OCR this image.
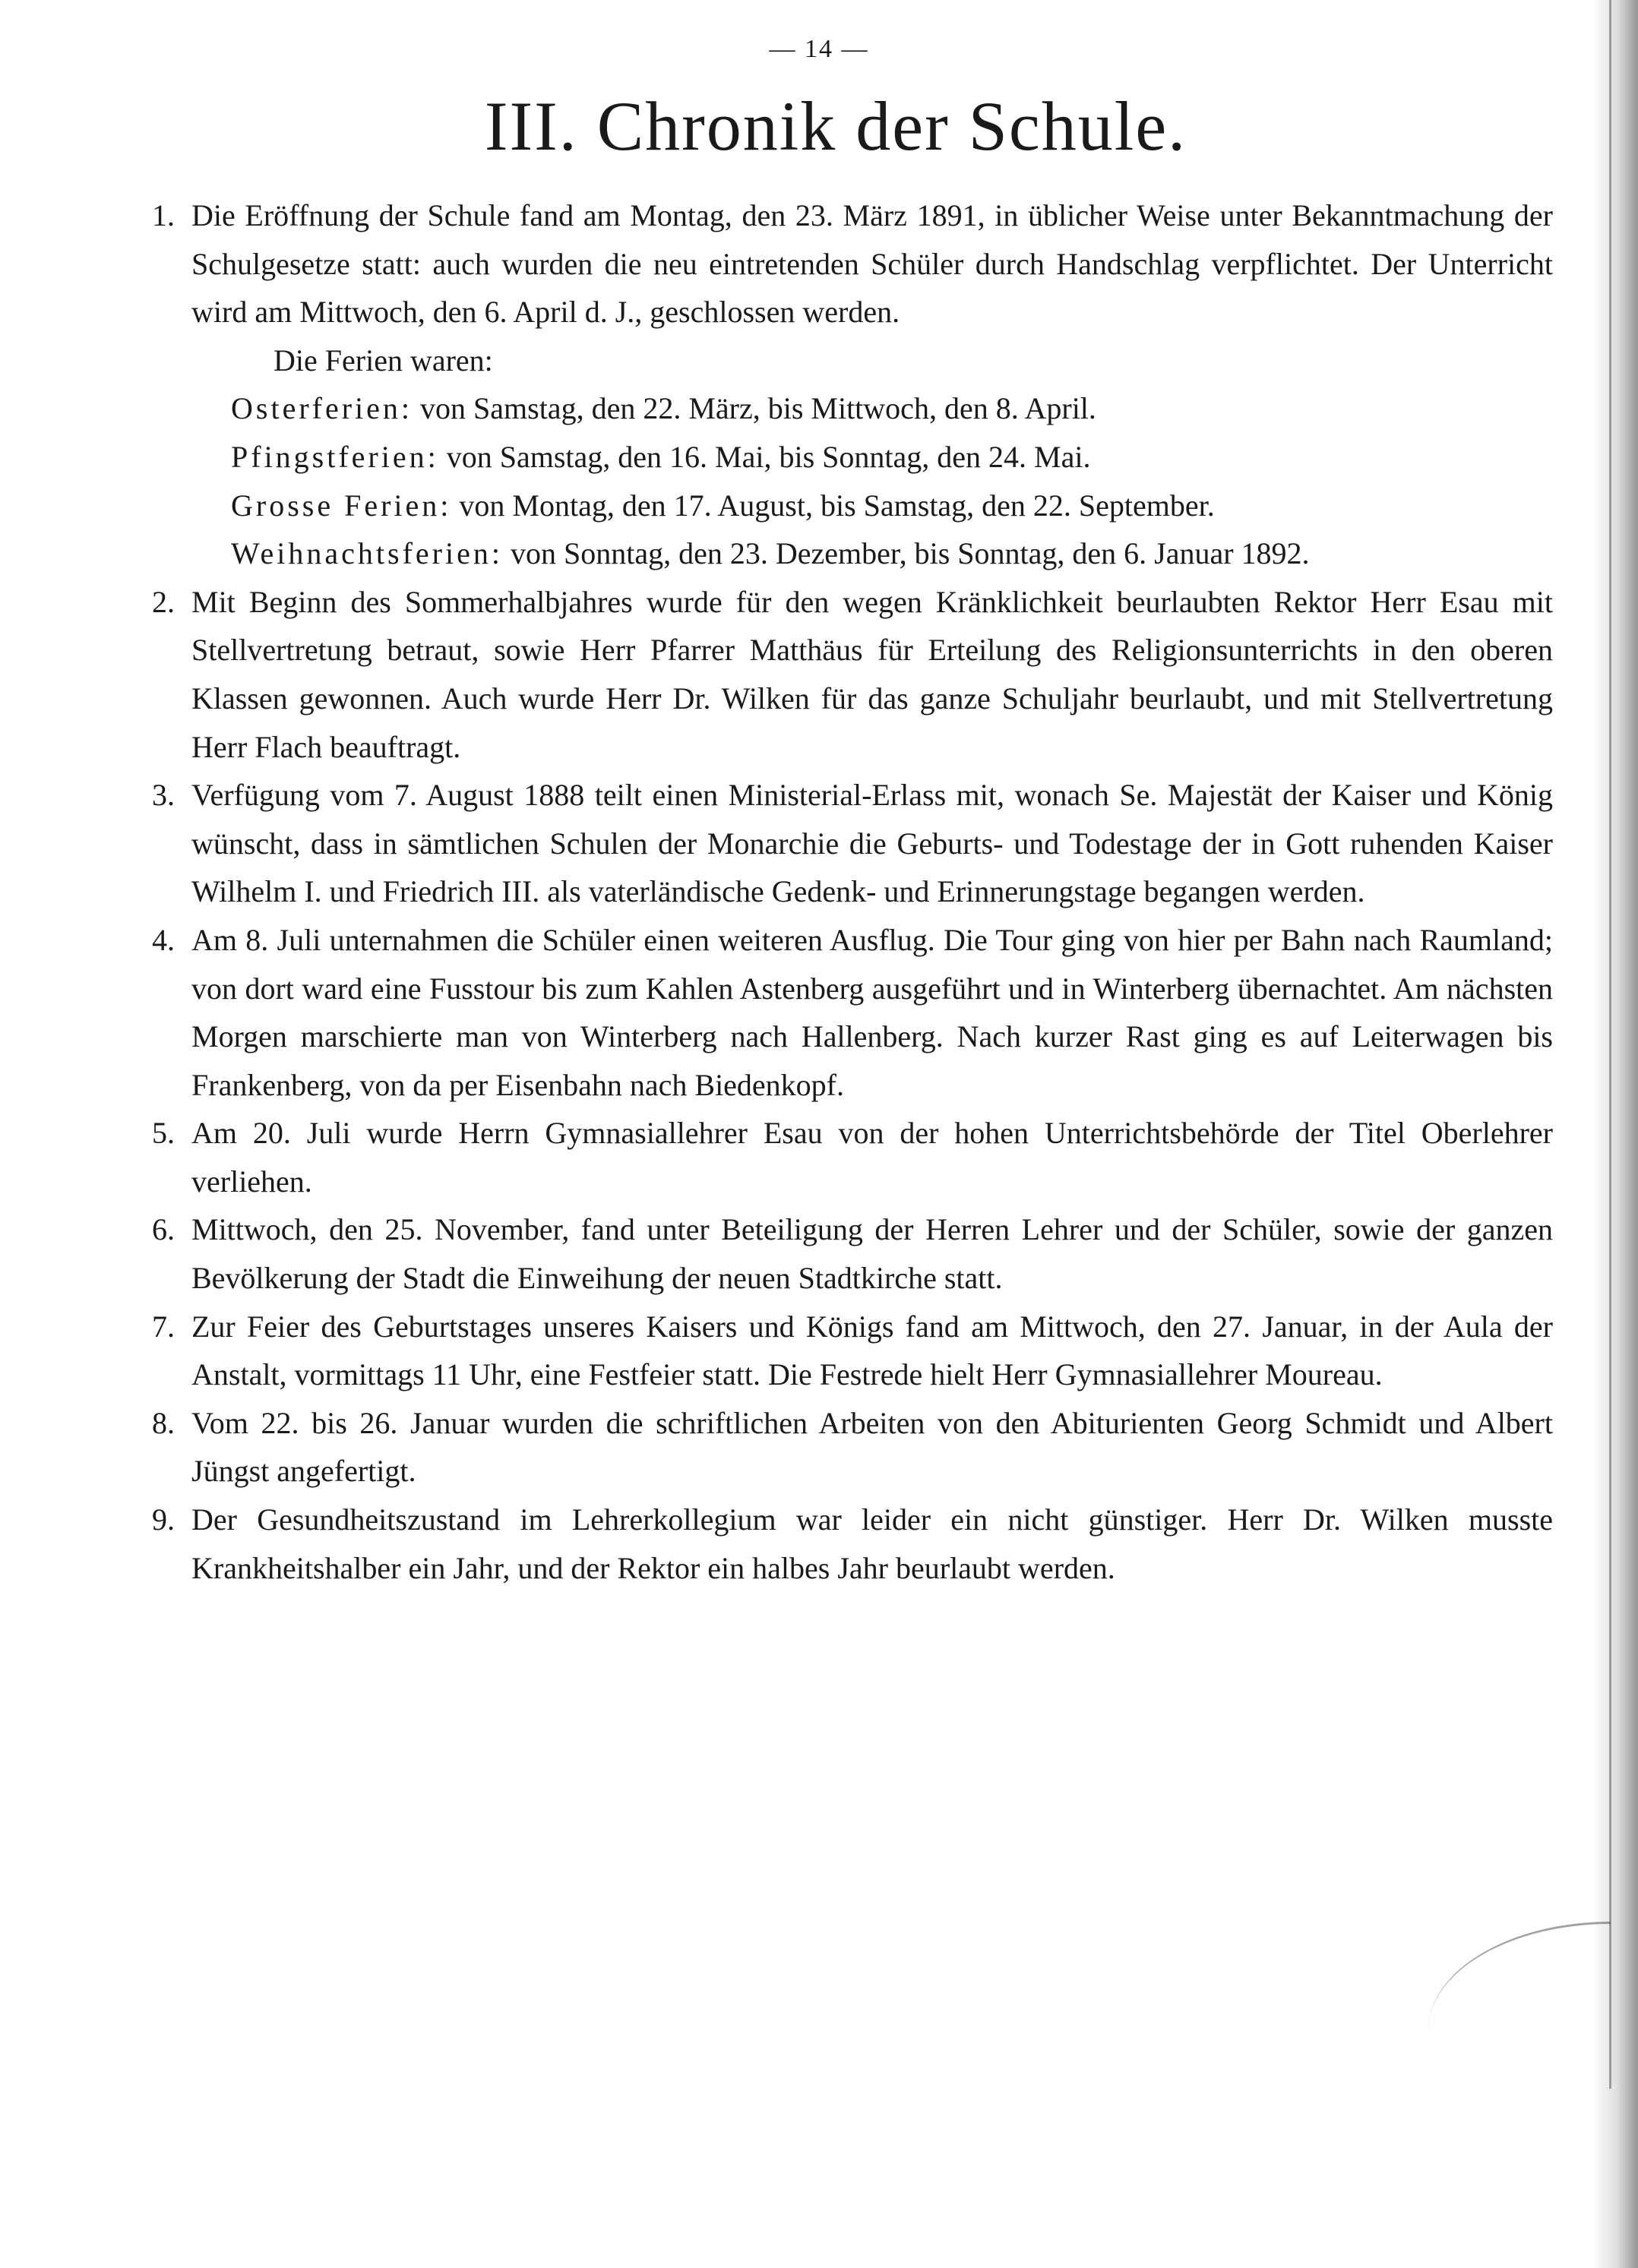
— 14 —
III. Chronik der Schule.
1. Die Eröffnung der Schule fand am Montag, den 23. März 1891, in üblicher Weise unter Bekanntmachung der Schulgesetze statt: auch wurden die neu eintretenden Schüler durch Handschlag verpflichtet. Der Unterricht wird am Mittwoch, den 6. April d. J., geschlossen werden.
Die Ferien waren:
Osterferien: von Samstag, den 22. März, bis Mittwoch, den 8. April.
Pfingstferien: von Samstag, den 16. Mai, bis Sonntag, den 24. Mai.
Grosse Ferien: von Montag, den 17. August, bis Samstag, den 22. September.
Weihnachtsferien: von Sonntag, den 23. Dezember, bis Sonntag, den 6. Januar 1892.
2. Mit Beginn des Sommerhalbjahres wurde für den wegen Kränklichkeit beurlaubten Rektor Herr Esau mit Stellvertretung betraut, sowie Herr Pfarrer Matthäus für Erteilung des Religionsunterrichts in den oberen Klassen gewonnen. Auch wurde Herr Dr. Wilken für das ganze Schuljahr beurlaubt, und mit Stellvertretung Herr Flach beauftragt.
3. Verfügung vom 7. August 1888 teilt einen Ministerial-Erlass mit, wonach Se. Majestät der Kaiser und König wünscht, dass in sämtlichen Schulen der Monarchie die Geburts- und Todestage der in Gott ruhenden Kaiser Wilhelm I. und Friedrich III. als vaterländische Gedenk- und Erinnerungstage begangen werden.
4. Am 8. Juli unternahmen die Schüler einen weiteren Ausflug. Die Tour ging von hier per Bahn nach Raumland; von dort ward eine Fusstour bis zum Kahlen Astenberg ausgeführt und in Winterberg übernachtet. Am nächsten Morgen marschierte man von Winterberg nach Hallenberg. Nach kurzer Rast ging es auf Leiterwagen bis Frankenberg, von da per Eisenbahn nach Biedenkopf.
5. Am 20. Juli wurde Herrn Gymnasiallehrer Esau von der hohen Unterrichtsbehörde der Titel Oberlehrer verliehen.
6. Mittwoch, den 25. November, fand unter Beteiligung der Herren Lehrer und der Schüler, sowie der ganzen Bevölkerung der Stadt die Einweihung der neuen Stadtkirche statt.
7. Zur Feier des Geburtstages unseres Kaisers und Königs fand am Mittwoch, den 27. Januar, in der Aula der Anstalt, vormittags 11 Uhr, eine Festfeier statt. Die Festrede hielt Herr Gymnasiallehrer Moureau.
8. Vom 22. bis 26. Januar wurden die schriftlichen Arbeiten von den Abiturienten Georg Schmidt und Albert Jüngst angefertigt.
9. Der Gesundheitszustand im Lehrerkollegium war leider ein nicht günstiger. Herr Dr. Wilken musste Krankheitshalber ein Jahr, und der Rektor ein halbes Jahr beurlaubt werden.
